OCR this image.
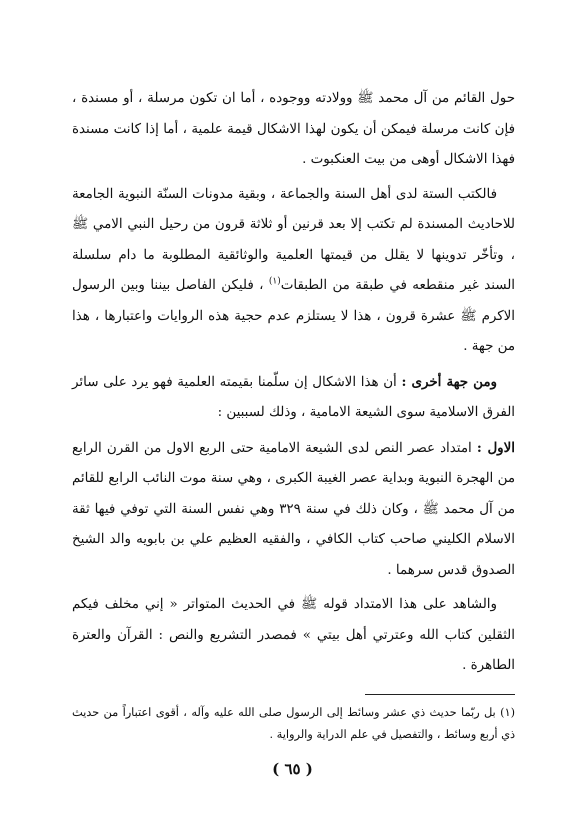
حول القائم من آل محمد ﷺ وولادته ووجوده ، أما ان تكون مرسلة ، أو مسندة ، فإن كانت مرسلة فيمكن أن يكون لهذا الاشكال قيمة علمية ، أما إذا كانت مسندة فهذا الاشكال أوهى من بيت العنكبوت .

فالكتب الستة لدى أهل السنة والجماعة ، وبقية مدونات السنّة النبوية الجامعة للاحاديث المسندة لم تكتب إلا بعد قرنين أو ثلاثة قرون من رحيل النبي الامي ﷺ ، وتأخّر تدوينها لا يقلل من قيمتها العلمية والوثائقية المطلوبة ما دام سلسلة السند غير منقطعه في طبقة من الطبقات$^{(١)}$ ، فليكن الفاصل بيننا وبين الرسول الاكرم ﷺ عشرة قرون ، هذا لا يستلزم عدم حجية هذه الروايات واعتبارها ، هذا من جهة .

ومن جهة أخرى : أن هذا الاشكال إن سلّمنا بقيمته العلمية فهو يرد على سائر الفرق الاسلامية سوى الشيعة الامامية ، وذلك لسببين :

الاول : امتداد عصر النص لدى الشيعة الامامية حتى الربع الاول من القرن الرابع من الهجرة النبوية وبداية عصر الغيبة الكبرى ، وهي سنة موت النائب الرابع للقائم من آل محمد ﷺ ، وكان ذلك في سنة ٣٢٩ وهي نفس السنة التي توفي فيها ثقة الاسلام الكليني صاحب كتاب الكافي ، والفقيه العظيم علي بن بابويه والد الشيخ الصدوق قدس سرهما .

والشاهد على هذا الامتداد قوله ﷺ في الحديث المتواتر « إني مخلف فيكم الثقلين كتاب الله وعترتي أهل بيتي » فمصدر التشريع والنص : القرآن والعترة الطاهرة .

(١) بل ربّما حديث ذي عشر وسائط إلى الرسول صلى الله عليه وآله ، أقوى اعتباراً من حديث ذي أربع وسائط ، والتفصيل في علم الدراية والرواية .

( ٦٥ )
